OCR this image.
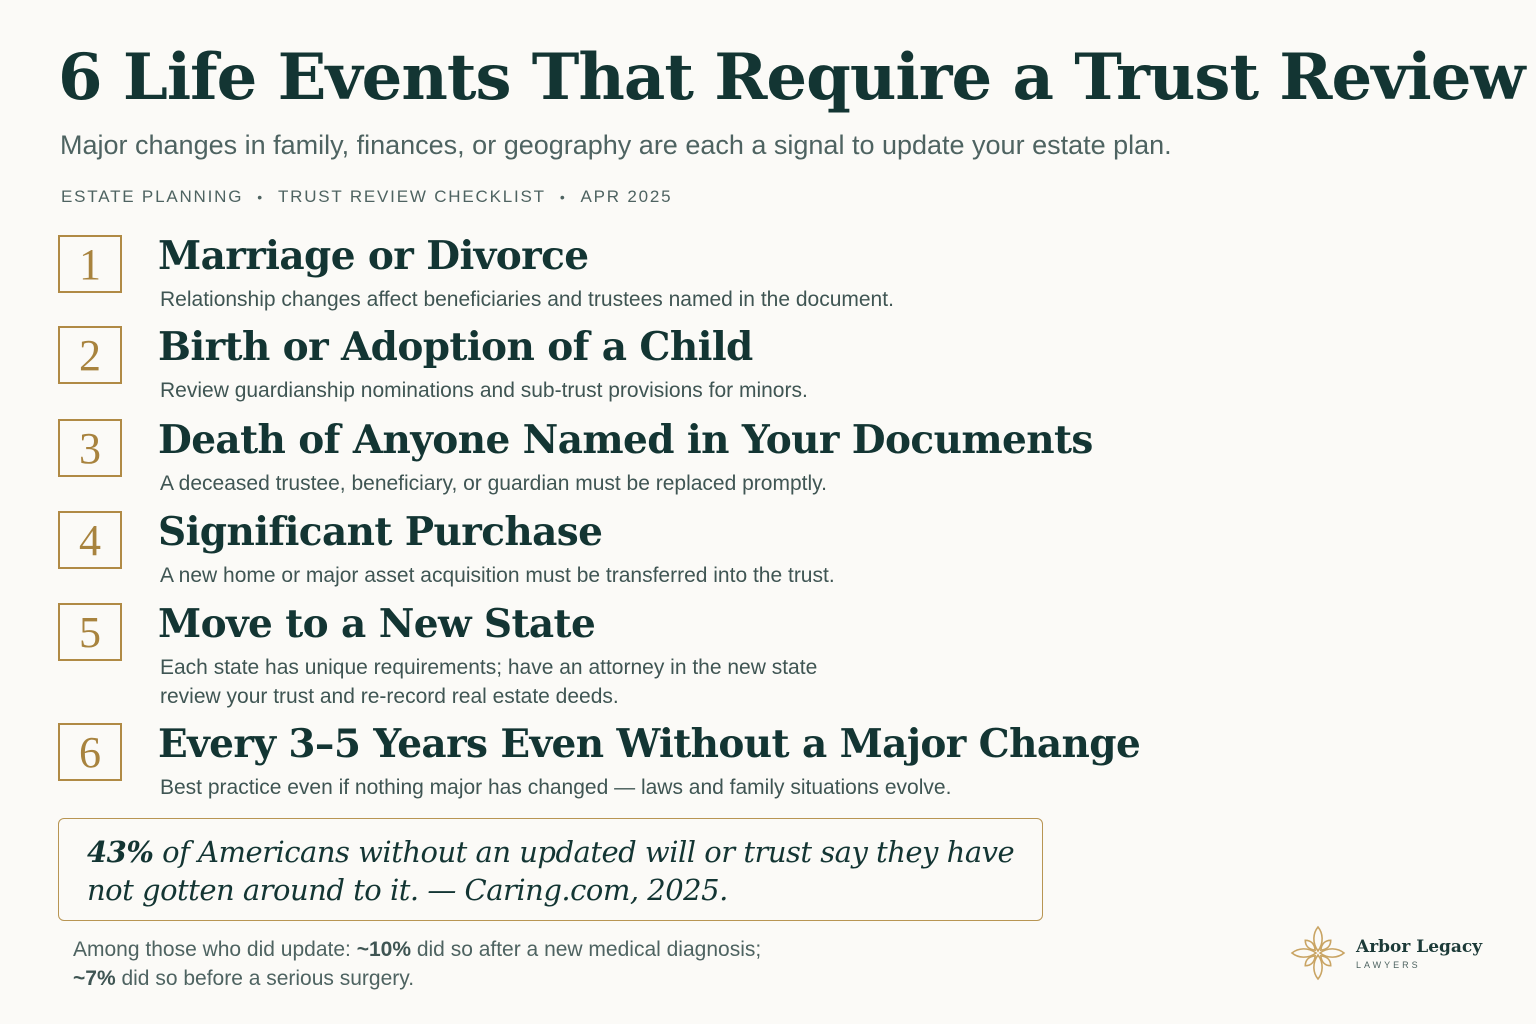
6 Life Events That Require a Trust Review

Major changes in family, finances, or geography are each a signal to update your estate plan.

ESTATE PLANNING • TRUST REVIEW CHECKLIST • APR 2025
1	Marriage or Divorce

Relationship changes affect beneficiaries and trustees named in the document.

2	Birth or Adoption of a Child

Review guardianship nominations and sub-trust provisions for minors.

3	Death of Anyone Named in Your Documents

A deceased trustee, beneficiary, or guardian must be replaced promptly.

4	Significant Purchase

A new home or major asset acquisition must be transferred into the trust.

5	Move to a New State

Each state has unique requirements; have an attorney in the new state
review your trust and re-record real estate deeds.

6	Every 3–5 Years Even Without a Major Change

Best practice even if nothing major has changed — laws and family situations evolve.

43% of Americans without an updated will or trust say they have not gotten around to it. — Caring.com, 2025.
Among those who did update: ~10% did so after a new medical diagnosis;
~7% did so before a serious surgery.
Arbor Legacy
LAWYERS
